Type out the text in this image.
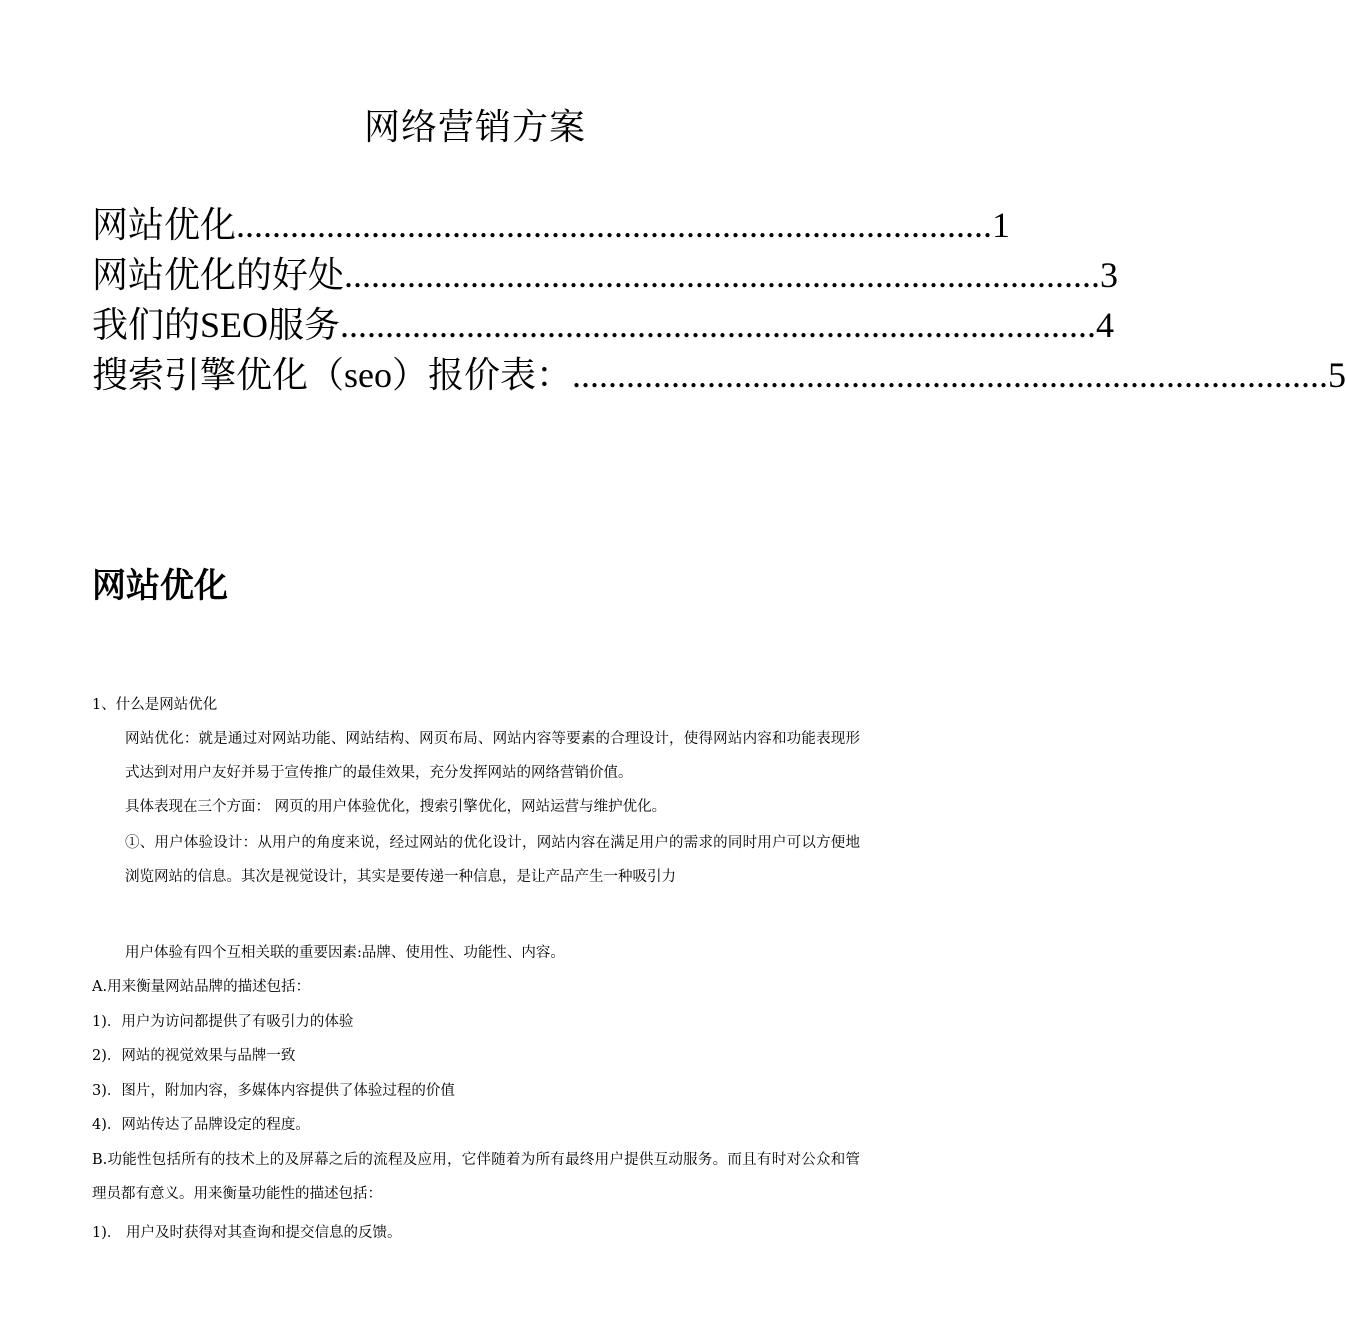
网络营销方案
网站优化 .................................................................................... 1
网站优化的好处 .................................................................................... 3
我们的SEO服务 .................................................................................... 4
搜索引擎优化（seo）报价表： .................................................................................... 5
网站优化
1、什么是网站优化
网站优化：就是通过对网站功能、网站结构、网页布局、网站内容等要素的合理设计，使得网站内容和功能表现形式达到对用户友好并易于宣传推广的最佳效果，充分发挥网站的网络营销价值。
具体表现在三个方面： 网页的用户体验优化，搜索引擎优化，网站运营与维护优化。
①、用户体验设计：从用户的角度来说，经过网站的优化设计，网站内容在满足用户的需求的同时用户可以方便地浏览网站的信息。其次是视觉设计，其实是要传递一种信息，是让产品产生一种吸引力
用户体验有四个互相关联的重要因素:品牌、使用性、功能性、内容。
A.用来衡量网站品牌的描述包括：
1)．用户为访问都提供了有吸引力的体验
2)．网站的视觉效果与品牌一致
3)．图片，附加内容，多媒体内容提供了体验过程的价值
4)．网站传达了品牌设定的程度。
B.功能性包括所有的技术上的及屏幕之后的流程及应用，它伴随着为所有最终用户提供互动服务。而且有时对公众和管理员都有意义。用来衡量功能性的描述包括：
1)． 用户及时获得对其查询和提交信息的反馈。
